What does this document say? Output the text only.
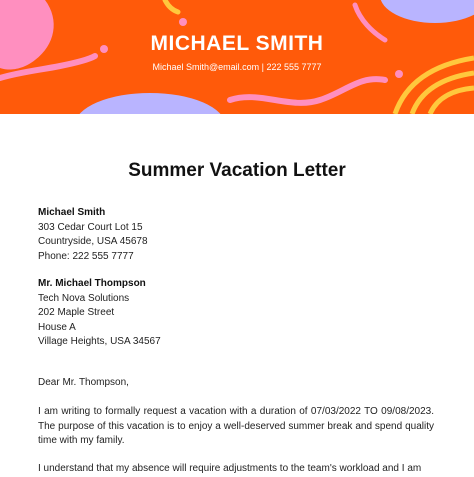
MICHAEL SMITH
Michael Smith@email.com | 222 555 7777
Summer Vacation Letter
Michael Smith
303 Cedar Court Lot 15
Countryside, USA 45678
Phone: 222 555 7777
Mr. Michael Thompson
Tech Nova Solutions
202 Maple Street
House A
Village Heights, USA 34567
Dear Mr. Thompson,
I am writing to formally request a vacation with a duration of 07/03/2022 TO 09/08/2023. The purpose of this vacation is to enjoy a well-deserved summer break and spend quality time with my family.
I understand that my absence will require adjustments to the team's workload and I am
